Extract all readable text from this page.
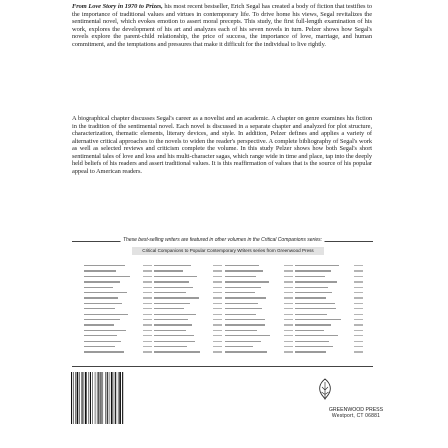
From Love Story in 1970 to Prizes, his most recent bestseller, Erich Segal has created a body of fiction that testifies to the importance of traditional values and virtues in contemporary life. To drive home his views, Segal revitalizes the sentimental novel, which evokes emotion to assert moral precepts. This study, the first full-length examination of his work, explores the development of his art and analyzes each of his seven novels in turn. Pelzer shows how Segal's novels explore the parent-child relationship, the price of success, the importance of love, marriage, and human commitment, and the temptations and pressures that make it difficult for the individual to live rightly.

A biographical chapter discusses Segal's career as a novelist and an academic. A chapter on genre examines his fiction in the tradition of the sentimental novel. Each novel is discussed in a separate chapter and analyzed for plot structure, characterization, thematic elements, literary devices, and style. In addition, Pelzer defines and applies a variety of alternative critical approaches to the novels to widen the reader's perspective. A complete bibliography of Segal's work as well as selected reviews and criticism complete the volume. In this study Pelzer shows how both Segal's short sentimental tales of love and loss and his multi-character sagas, which range wide in time and place, tap into the deeply held beliefs of his readers and assert traditional values. It is this reaffirmation of values that is the source of his popular appeal to American readers.

These best-selling writers are featured in other volumes in the Critical Companions series:
Critical Companions to Popular Contemporary Writers series from Greenwood Press
GREENWOOD PRESS
Westport, CT 06881
